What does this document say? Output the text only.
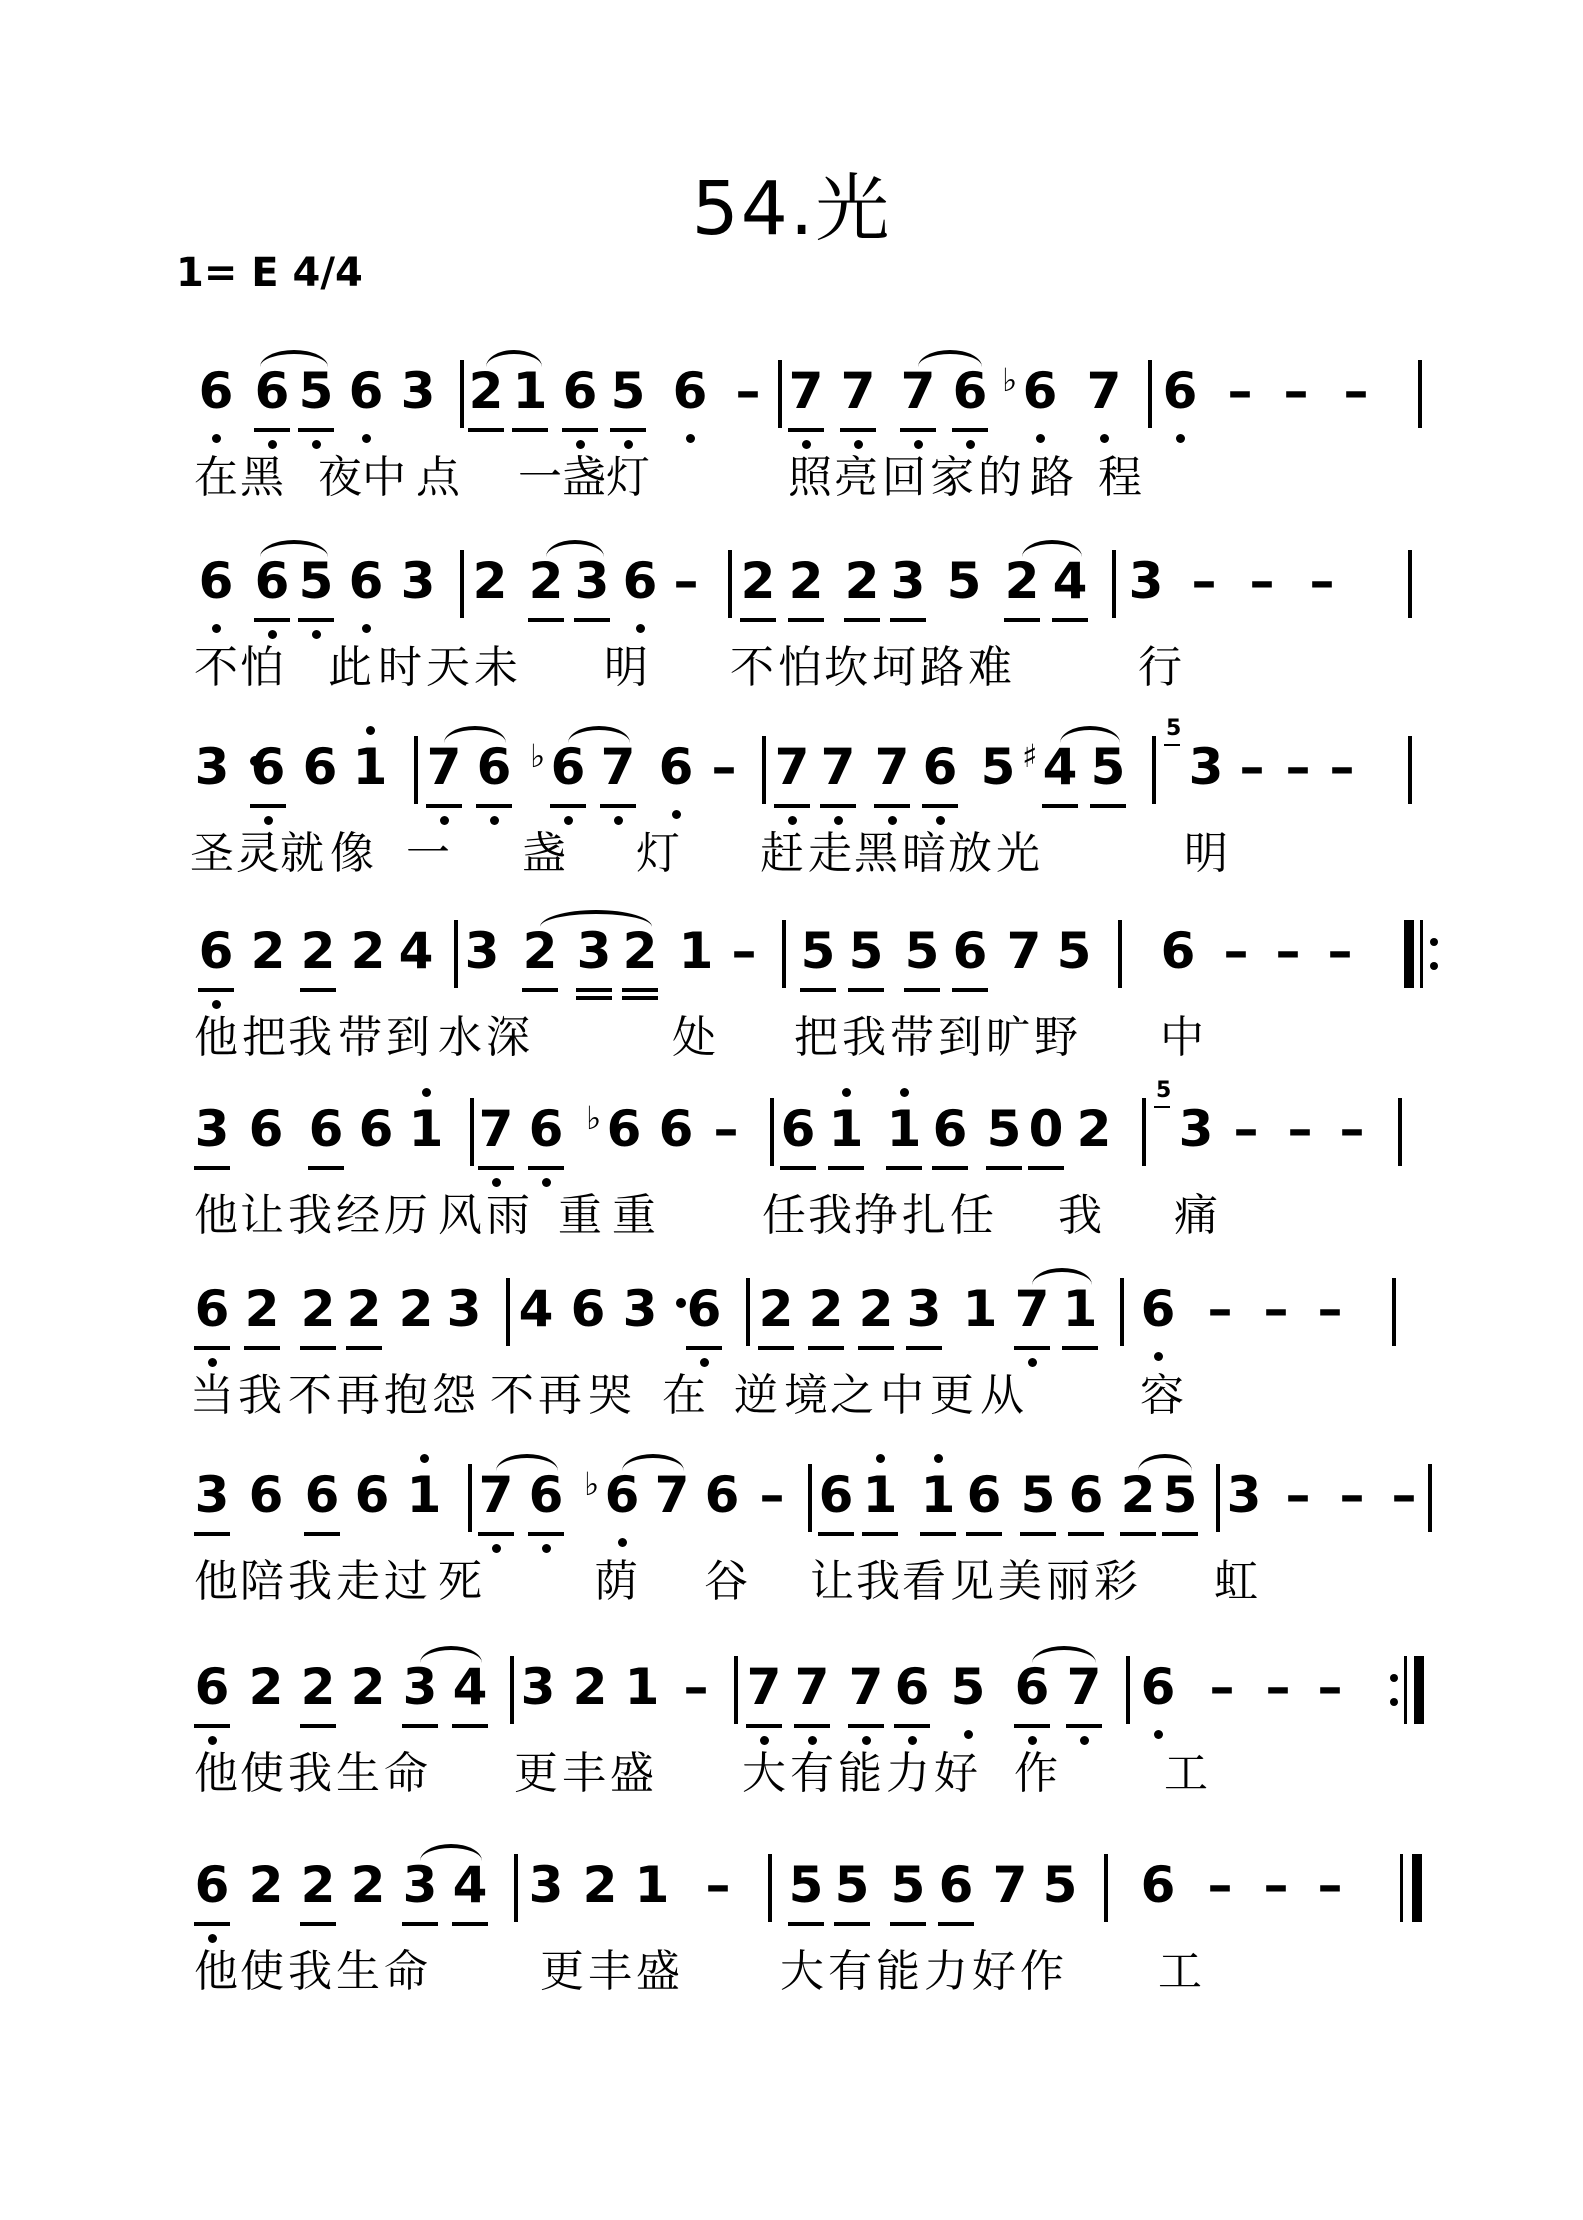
54.光
1= E 4/4
6 6 5 6 3 2 1 6 5 6 – 7 7 7 6 6
♭ 7 6 – – –
在 黑 夜 中 点 一 盏 灯	照 亮 回 家 的 路 程
6 6 5 6 3 2 2 3 6 – 2 2 2 3 5 2 4 3 – – –
不 怕 此 时 天 未 明 不 怕 坎 坷 路 难	行
3 6 6 1 7 6 6
♭ 7 6 – 7 7 7 6 5 4
♯ 5 3 – – –
5
圣 灵 就 像 一 盏 灯 赶 走 黑 暗 放 光	明
6 2 2 2 4 3 2 3 2 1 – 5 5 5 6 7 5 6 – – –
他 把 我 带 到 水 深	处 把 我 带 到 旷 野 中
3 6 6 6 1 7 6 6
♭ 6 – 6 1 1 6 5 0 2 3 – – –
5
他 让 我 经 历 风 雨 重 重 任 我 挣 扎 任 我 痛
6 2 2 2 2 3 4 6 3 6 2 2 2 3 1 7 1 6 – – –
当 我 不 再 抱 怨 不 再 哭 在 逆 境 之 中 更 从	容
3 6 6 6 1 7 6 6
♭ 7 6 – 6 1 1 6 5 6 2 5 3 – – –
他 陪 我 走 过 死	荫 谷 让 我 看 见 美 丽 彩 虹
6 2 2 2 3 4 3 2 1 – 7 7 7 6 5 6 7 6 – – –
他 使 我 生 命 更 丰 盛 大 有 能 力 好 作 工
6 2 2 2 3 4 3 2 1 – 5 5 5 6 7 5 6 – – –
他 使 我 生 命	更 丰 盛 大 有 能 力 好 作 工
